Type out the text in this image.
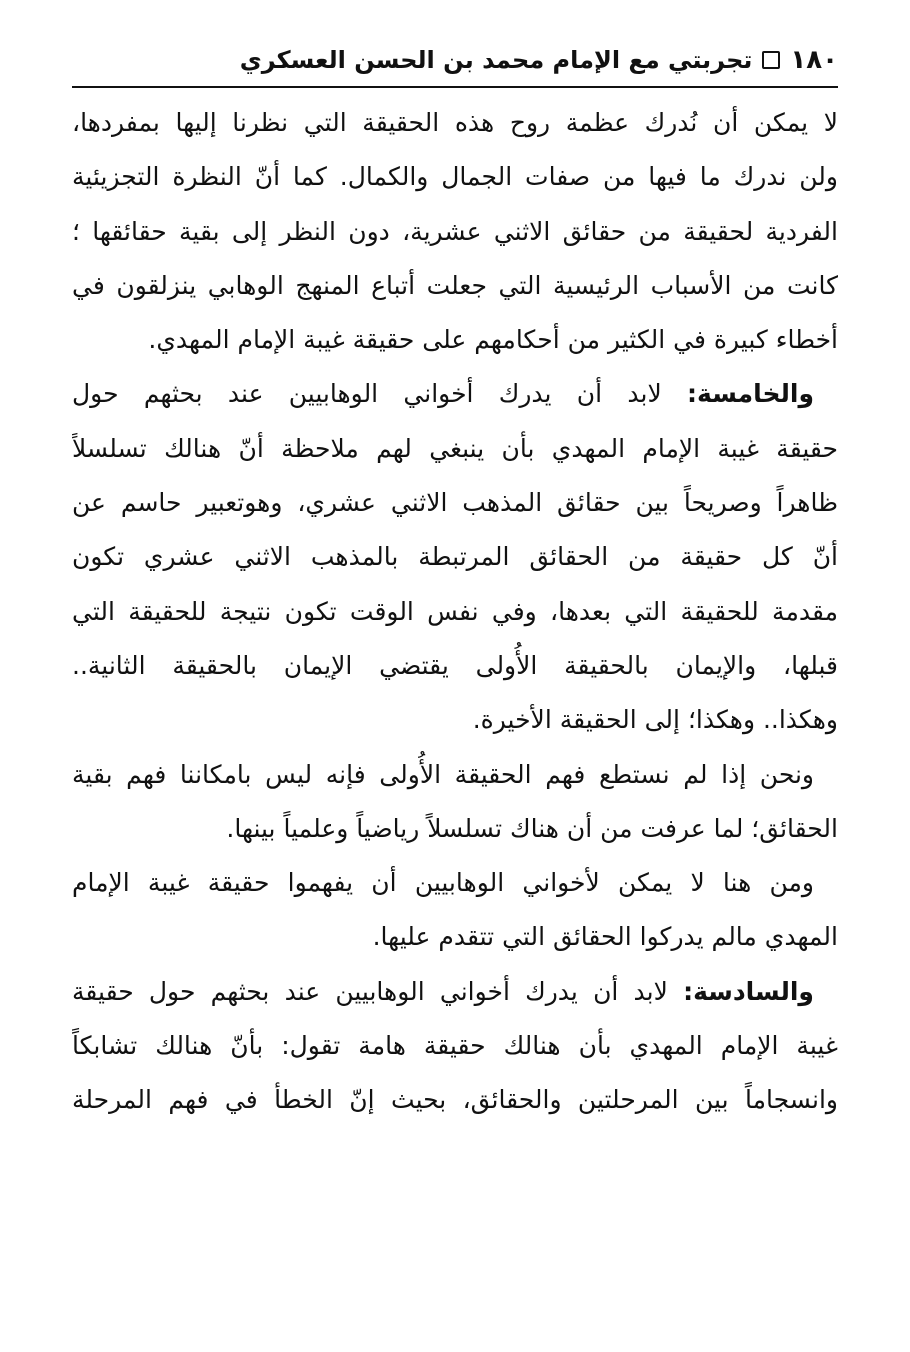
١٨٠
تجربتي مع الإمام محمد بن الحسن العسكري
لا يمكن أن نُدرك عظمة روح هذه الحقيقة التي نظرنا إليها بمفردها،
ولن ندرك ما فيها من صفات الجمال والكمال. كما أنّ النظرة التجزيئية
الفردية لحقيقة من حقائق الاثني عشرية، دون النظر إلى بقية حقائقها ؛
كانت من الأسباب الرئيسية التي جعلت أتباع المنهج الوهابي ينزلقون في
أخطاء كبيرة في الكثير من أحكامهم على حقيقة غيبة الإمام المهدي.
والخامسة: لابد أن يدرك أخواني الوهابيين عند بحثهم حول
حقيقة غيبة الإمام المهدي بأن ينبغي لهم ملاحظة أنّ هنالك تسلسلاً
ظاهراً وصريحاً بين حقائق المذهب الاثني عشري، وهوتعبير حاسم عن
أنّ كل حقيقة من الحقائق المرتبطة بالمذهب الاثني عشري تكون
مقدمة للحقيقة التي بعدها، وفي نفس الوقت تكون نتيجة للحقيقة التي
قبلها، والإيمان بالحقيقة الأُولى يقتضي الإيمان بالحقيقة الثانية..
وهكذا.. وهكذا؛ إلى الحقيقة الأخيرة.
ونحن إذا لم نستطع فهم الحقيقة الأُولى فإنه ليس بامكاننا فهم بقية
الحقائق؛ لما عرفت من أن هناك تسلسلاً رياضياً وعلمياً بينها.
ومن هنا لا يمكن لأخواني الوهابيين أن يفهموا حقيقة غيبة الإمام
المهدي مالم يدركوا الحقائق التي تتقدم عليها.
والسادسة: لابد أن يدرك أخواني الوهابيين عند بحثهم حول حقيقة
غيبة الإمام المهدي بأن هنالك حقيقة هامة تقول: بأنّ هنالك تشابكاً
وانسجاماً بين المرحلتين والحقائق، بحيث إنّ الخطأ في فهم المرحلة
